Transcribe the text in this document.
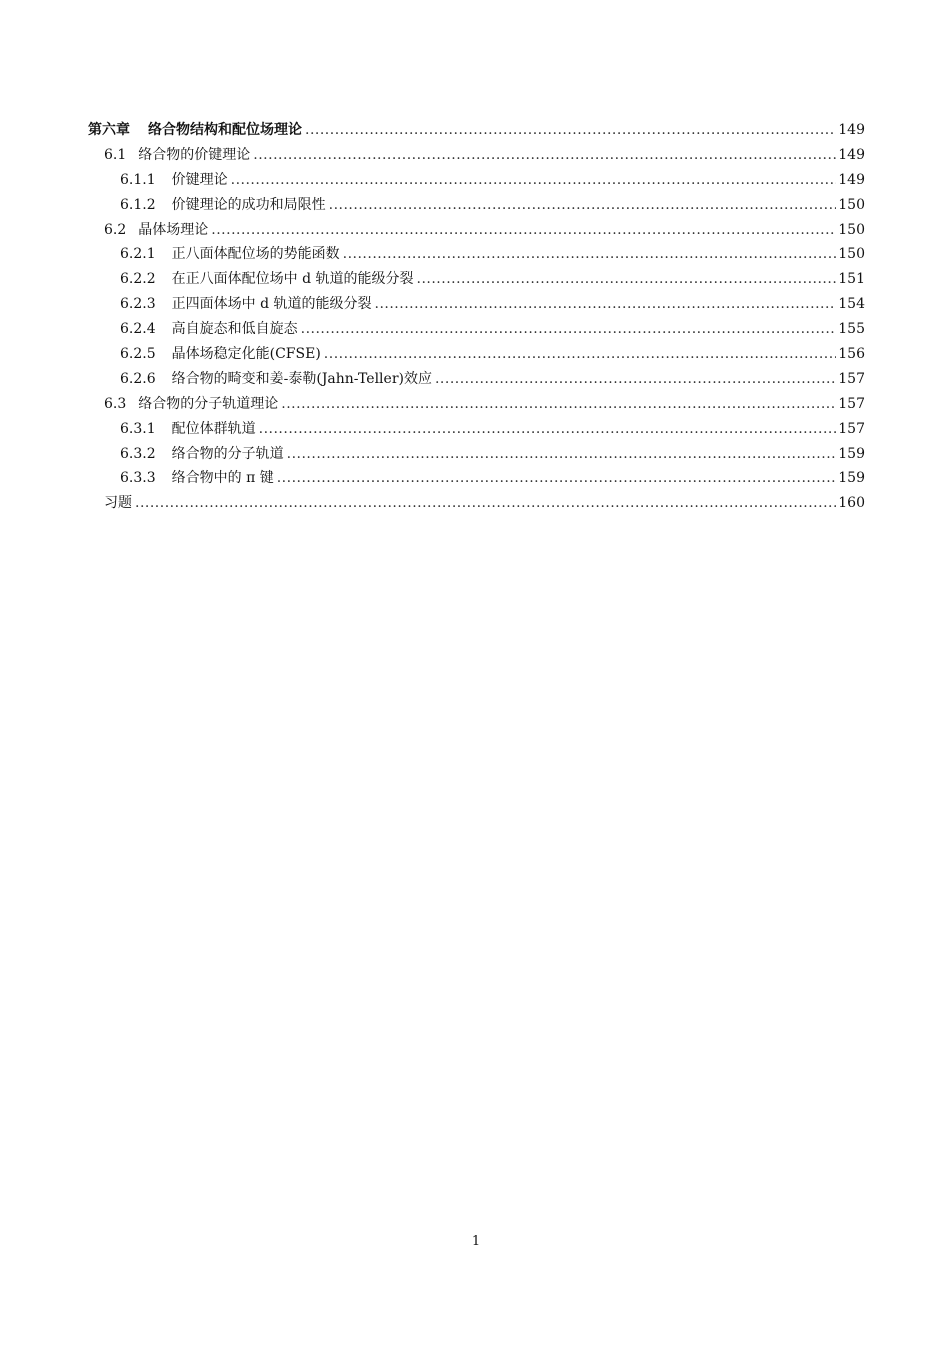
第六章 络合物结构和配位场理论 .....	149
6.1 络合物的价键理论 .....	149
6.1.1 价键理论 .....	149
6.1.2 价键理论的成功和局限性 .....	150
6.2 晶体场理论 .....	150
6.2.1 正八面体配位场的势能函数 .....	150
6.2.2 在正八面体配位场中 d 轨道的能级分裂 .....	151
6.2.3 正四面体场中 d 轨道的能级分裂 .....	154
6.2.4 高自旋态和低自旋态 .....	155
6.2.5 晶体场稳定化能(CFSE) .....	156
6.2.6 络合物的畸变和姜-泰勒(Jahn-Teller)效应 .....	157
6.3 络合物的分子轨道理论 .....	157
6.3.1 配位体群轨道 .....	157
6.3.2 络合物的分子轨道 .....	159
6.3.3 络合物中的 π 键 .....	159
习题 .....	160
1
